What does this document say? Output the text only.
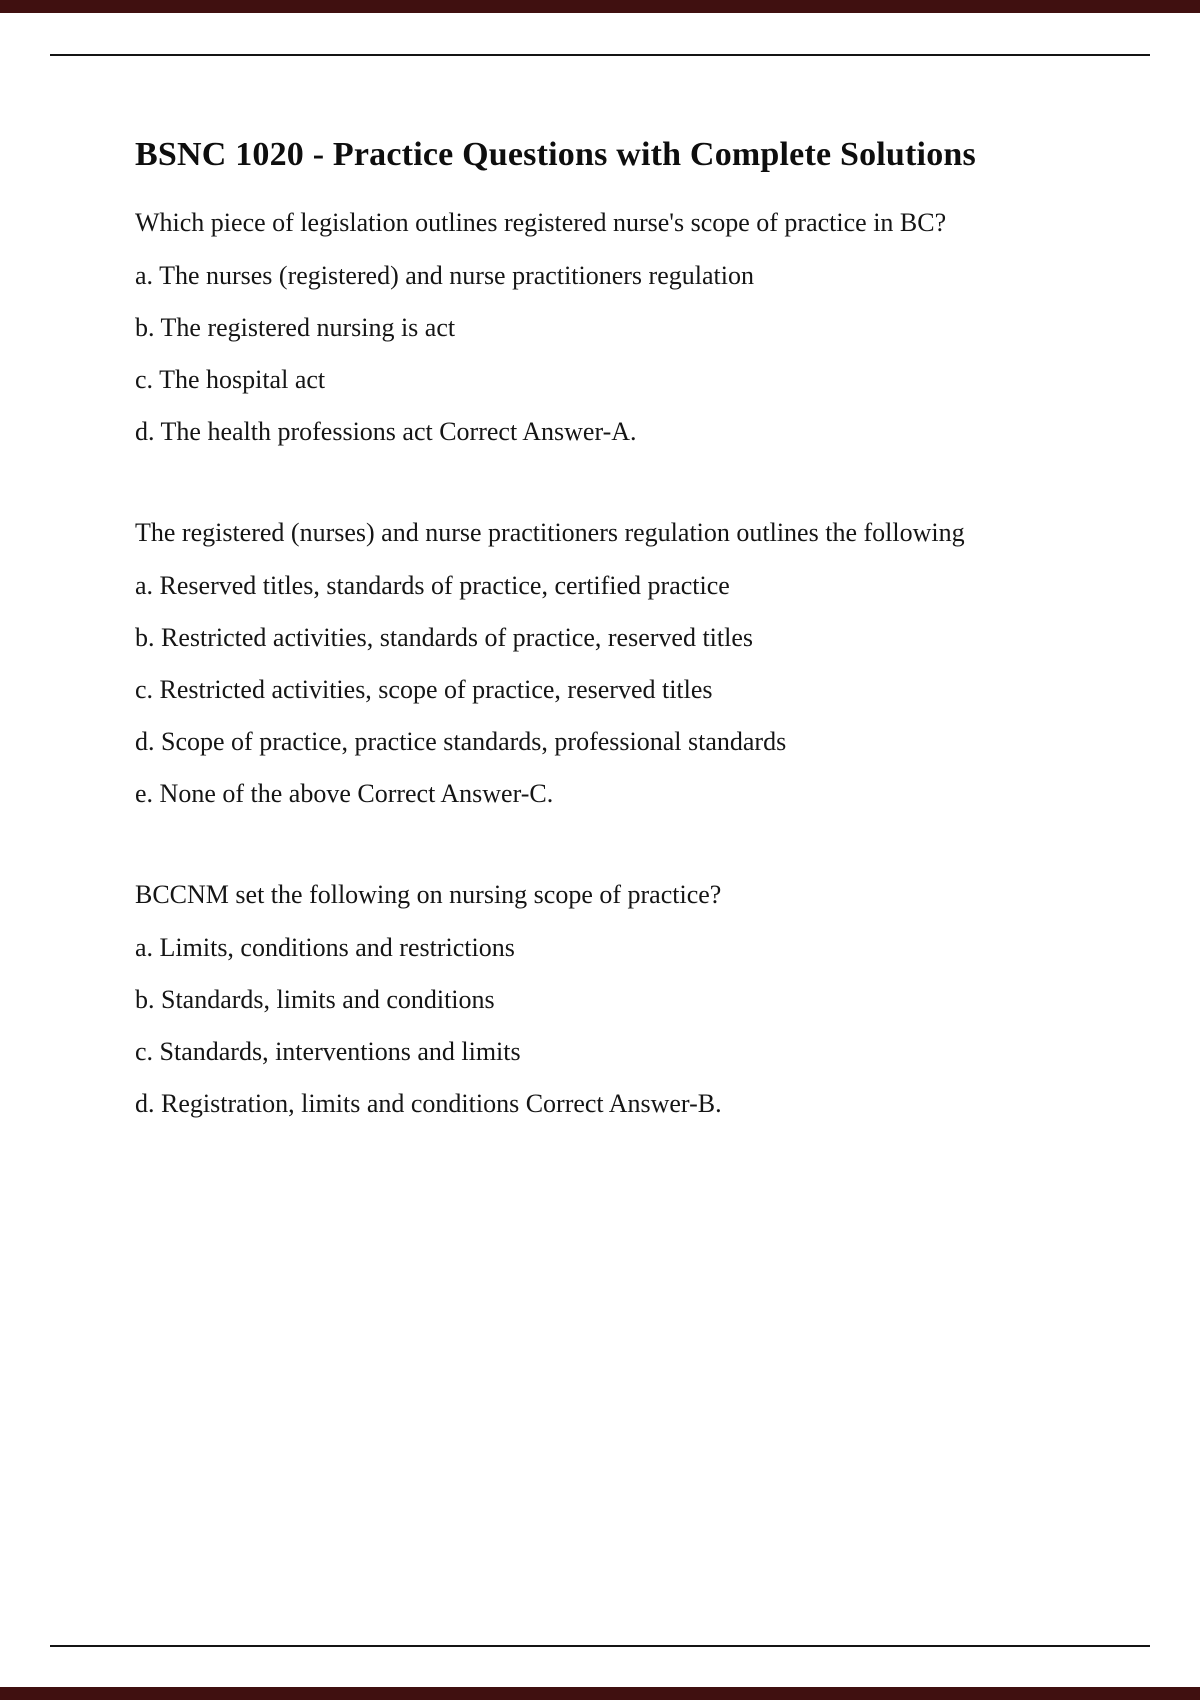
BSNC 1020 - Practice Questions with Complete Solutions

Which piece of legislation outlines registered nurse's scope of practice in BC?

a. The nurses (registered) and nurse practitioners regulation

b. The registered nursing is act

c. The hospital act

d. The health professions act Correct Answer-A.

The registered (nurses) and nurse practitioners regulation outlines the following

a. Reserved titles, standards of practice, certified practice

b. Restricted activities, standards of practice, reserved titles

c. Restricted activities, scope of practice, reserved titles

d. Scope of practice, practice standards, professional standards

e. None of the above Correct Answer-C.

BCCNM set the following on nursing scope of practice?

a. Limits, conditions and restrictions

b. Standards, limits and conditions

c. Standards, interventions and limits

d. Registration, limits and conditions Correct Answer-B.
